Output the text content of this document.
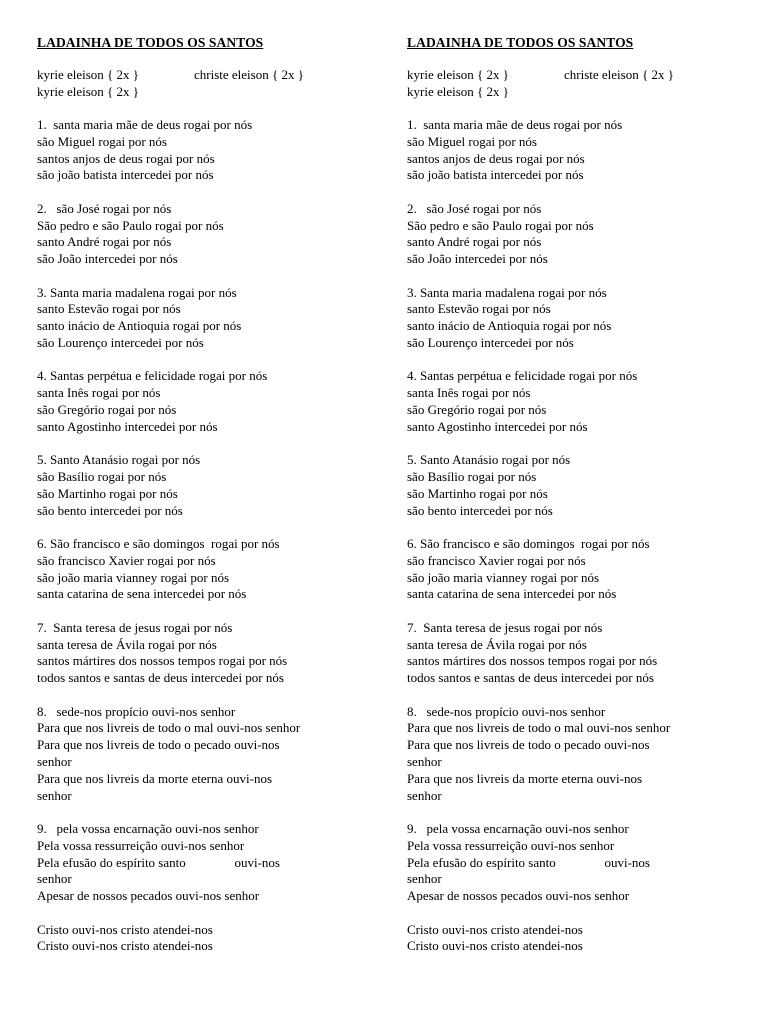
LADAINHA DE TODOS OS SANTOS
kyrie eleison { 2x }	christe eleison { 2x }
kyrie eleison { 2x }
1.  santa maria mãe de deus rogai por nós
são Miguel rogai por nós
santos anjos de deus rogai por nós
são joão batista intercedei por nós
2.   são José rogai por nós
São pedro e são Paulo rogai por nós
santo André rogai por nós
são João intercedei por nós
3. Santa maria madalena rogai por nós
santo Estevão rogai por nós
santo inácio de Antioquia rogai por nós
são Lourenço intercedei por nós
4. Santas perpétua e felicidade rogai por nós
santa Inês rogai por nós
são Gregório rogai por nós
santo Agostinho intercedei por nós
5. Santo Atanásio rogai por nós
são Basílio rogai por nós
são Martinho rogai por nós
são bento intercedei por nós
6. São francisco e são domingos  rogai por nós
são francisco Xavier rogai por nós
são joão maria vianney rogai por nós
santa catarina de sena intercedei por nós
7.  Santa teresa de jesus rogai por nós
santa teresa de Ávila rogai por nós
santos mártires dos nossos tempos rogai por nós
todos santos e santas de deus intercedei por nós
8.   sede-nos propício ouvi-nos senhor
Para que nos livreis de todo o mal ouvi-nos senhor
Para que nos livreis de todo o pecado ouvi-nos
senhor
Para que nos livreis da morte eterna ouvi-nos
senhor
9.   pela vossa encarnação ouvi-nos senhor
Pela vossa ressurreição ouvi-nos senhor
Pela efusão do espírito santo               ouvi-nos
senhor
Apesar de nossos pecados ouvi-nos senhor
Cristo ouvi-nos cristo atendei-nos
Cristo ouvi-nos cristo atendei-nos
LADAINHA DE TODOS OS SANTOS
kyrie eleison { 2x }	christe eleison { 2x }
kyrie eleison { 2x }
1.  santa maria mãe de deus rogai por nós
são Miguel rogai por nós
santos anjos de deus rogai por nós
são joão batista intercedei por nós
2.   são José rogai por nós
São pedro e são Paulo rogai por nós
santo André rogai por nós
são João intercedei por nós
3. Santa maria madalena rogai por nós
santo Estevão rogai por nós
santo inácio de Antioquia rogai por nós
são Lourenço intercedei por nós
4. Santas perpétua e felicidade rogai por nós
santa Inês rogai por nós
são Gregório rogai por nós
santo Agostinho intercedei por nós
5. Santo Atanásio rogai por nós
são Basílio rogai por nós
são Martinho rogai por nós
são bento intercedei por nós
6. São francisco e são domingos  rogai por nós
são francisco Xavier rogai por nós
são joão maria vianney rogai por nós
santa catarina de sena intercedei por nós
7.  Santa teresa de jesus rogai por nós
santa teresa de Ávila rogai por nós
santos mártires dos nossos tempos rogai por nós
todos santos e santas de deus intercedei por nós
8.   sede-nos propício ouvi-nos senhor
Para que nos livreis de todo o mal ouvi-nos senhor
Para que nos livreis de todo o pecado ouvi-nos
senhor
Para que nos livreis da morte eterna ouvi-nos
senhor
9.   pela vossa encarnação ouvi-nos senhor
Pela vossa ressurreição ouvi-nos senhor
Pela efusão do espírito santo               ouvi-nos
senhor
Apesar de nossos pecados ouvi-nos senhor
Cristo ouvi-nos cristo atendei-nos
Cristo ouvi-nos cristo atendei-nos
